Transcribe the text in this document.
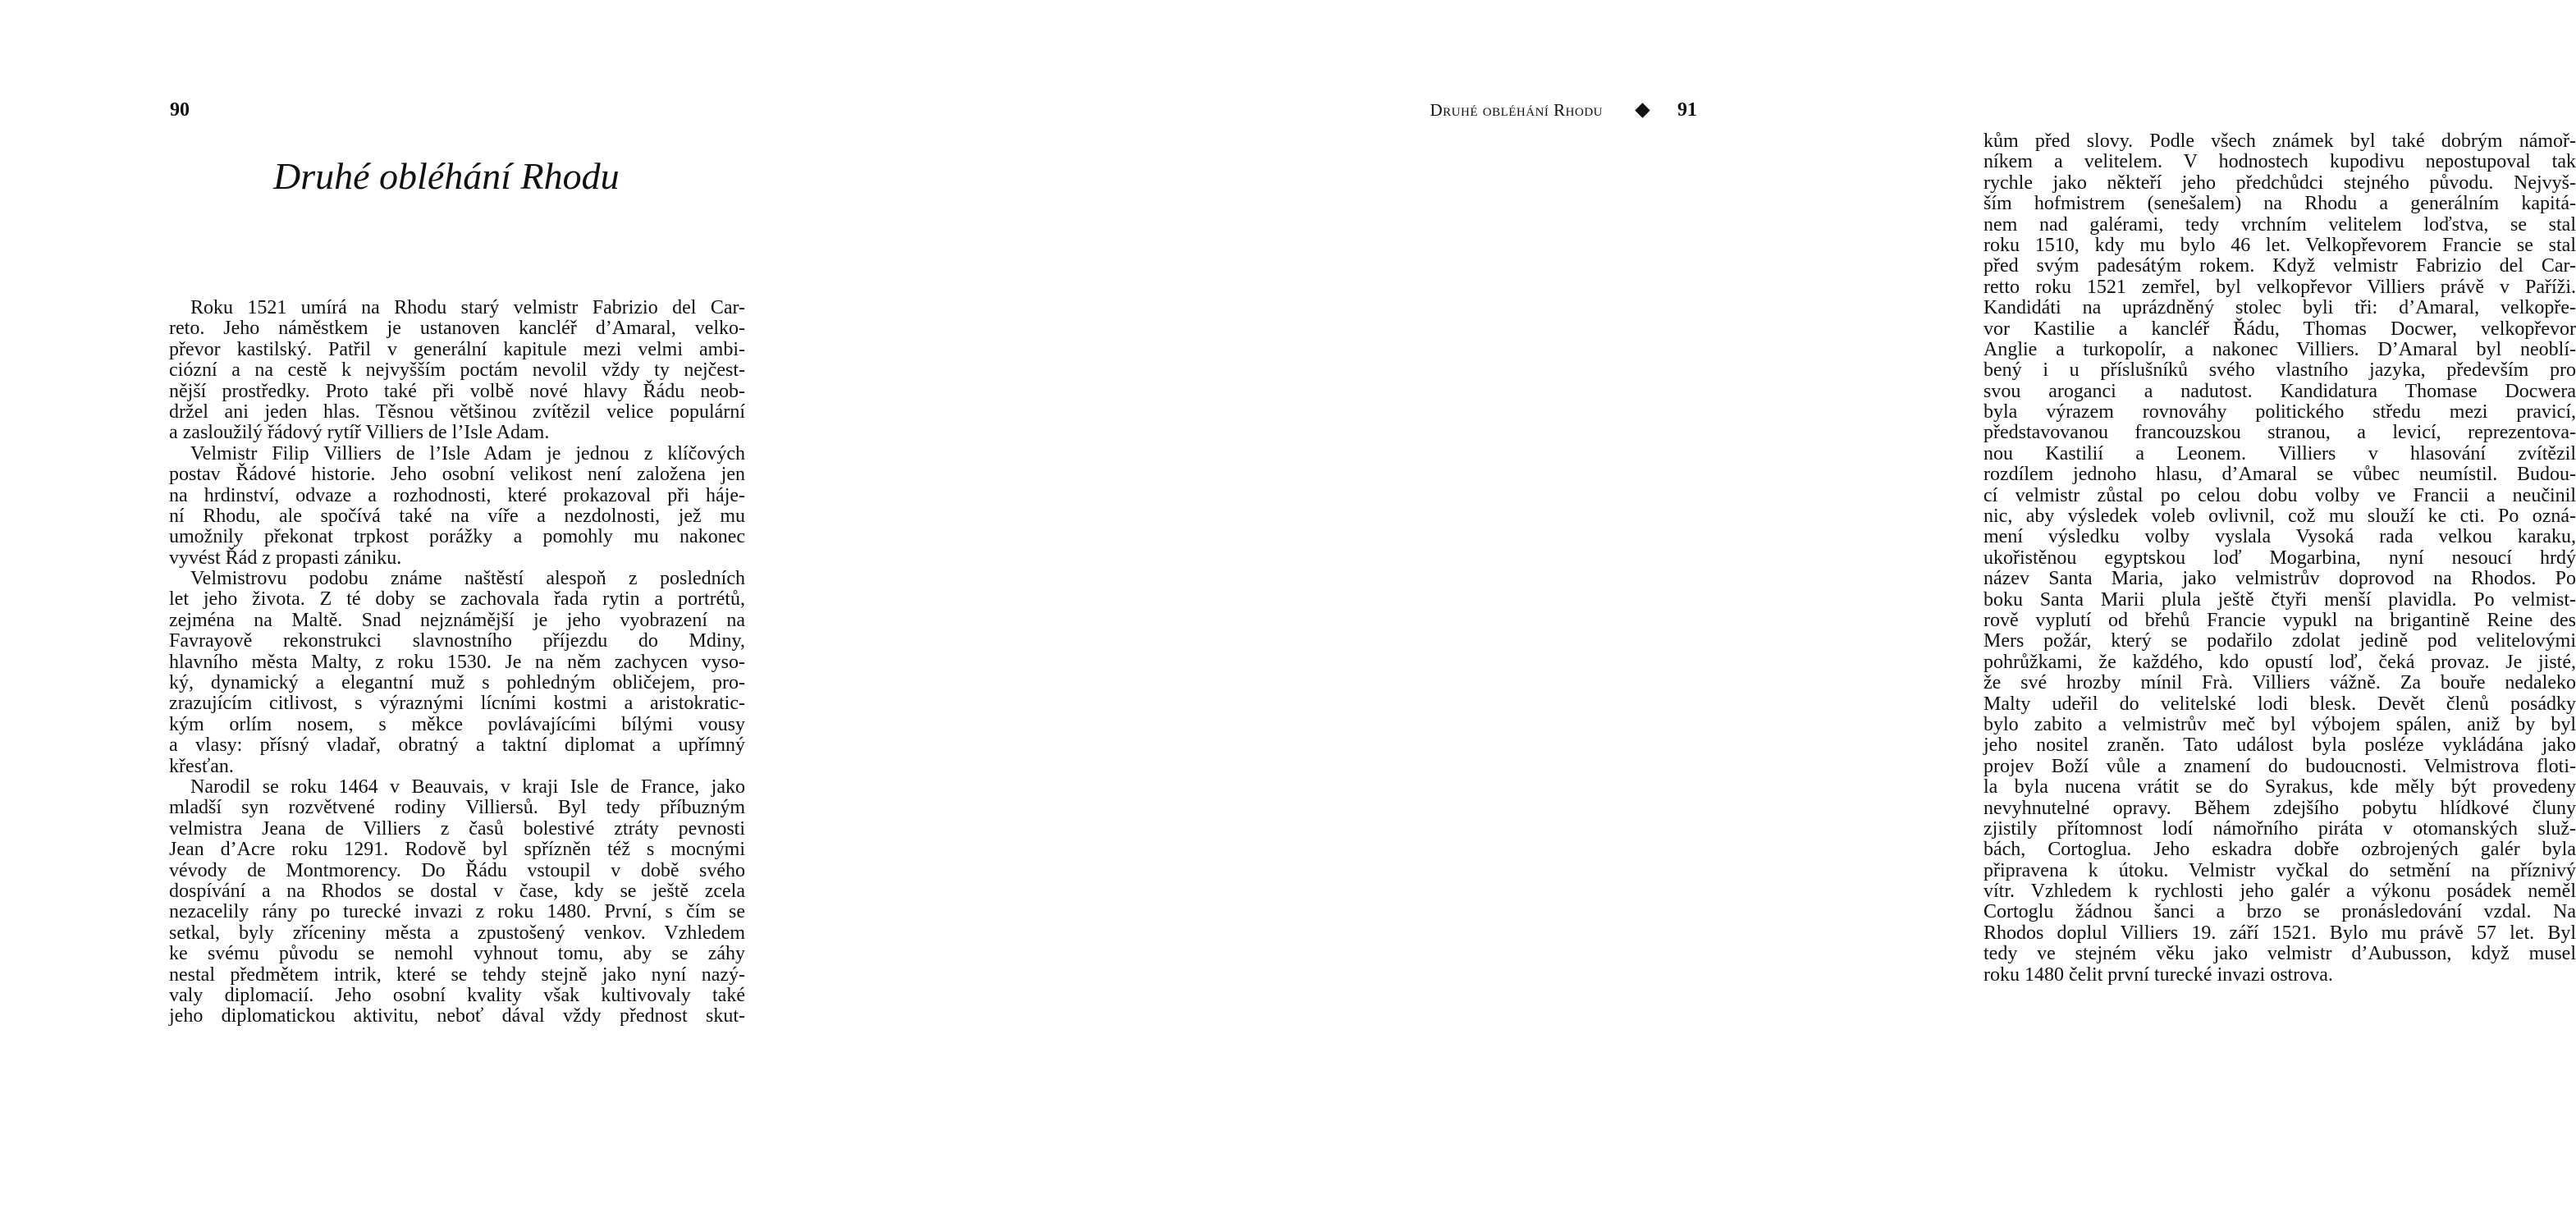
90
Druhé obléhání Rhodu
Roku 1521 umírá na Rhodu starý velmistr Fabrizio del Car-
reto. Jeho náměstkem je ustanoven kancléř d’Amaral, velko-
převor kastilský. Patřil v generální kapitule mezi velmi ambi-
ciózní a na cestě k nejvyšším poctám nevolil vždy ty nejčest-
nější prostředky. Proto také při volbě nové hlavy Řádu neob-
držel ani jeden hlas. Těsnou většinou zvítězil velice populární
a zasloužilý řádový rytíř Villiers de l’Isle Adam.
Velmistr Filip Villiers de l’Isle Adam je jednou z klíčových
postav Řádové historie. Jeho osobní velikost není založena jen
na hrdinství, odvaze a rozhodnosti, které prokazoval při háje-
ní Rhodu, ale spočívá také na víře a nezdolnosti, jež mu
umožnily překonat trpkost porážky a pomohly mu nakonec
vyvést Řád z propasti zániku.
Velmistrovu podobu známe naštěstí alespoň z posledních
let jeho života. Z té doby se zachovala řada rytin a portrétů,
zejména na Maltě. Snad nejznámější je jeho vyobrazení na
Favrayově rekonstrukci slavnostního příjezdu do Mdiny,
hlavního města Malty, z roku 1530. Je na něm zachycen vyso-
ký, dynamický a elegantní muž s pohledným obličejem, pro-
zrazujícím citlivost, s výraznými lícními kostmi a aristokratic-
kým orlím nosem, s měkce povlávajícími bílými vousy
a vlasy: přísný vladař, obratný a taktní diplomat a upřímný
křesťan.
Narodil se roku 1464 v Beauvais, v kraji Isle de France, jako
mladší syn rozvětvené rodiny Villiersů. Byl tedy příbuzným
velmistra Jeana de Villiers z časů bolestivé ztráty pevnosti
Jean d’Acre roku 1291. Rodově byl spřízněn též s mocnými
vévody de Montmorency. Do Řádu vstoupil v době svého
dospívání a na Rhodos se dostal v čase, kdy se ještě zcela
nezacelily rány po turecké invazi z roku 1480. První, s čím se
setkal, byly zříceniny města a zpustošený venkov. Vzhledem
ke svému původu se nemohl vyhnout tomu, aby se záhy
nestal předmětem intrik, které se tehdy stejně jako nyní nazý-
valy diplomacií. Jeho osobní kvality však kultivovaly také
jeho diplomatickou aktivitu, neboť dával vždy přednost skut-
Druhé obléhání Rhodu	91
kům před slovy. Podle všech známek byl také dobrým námoř-
níkem a velitelem. V hodnostech kupodivu nepostupoval tak
rychle jako někteří jeho předchůdci stejného původu. Nejvyš-
ším hofmistrem (senešalem) na Rhodu a generálním kapitá-
nem nad galérami, tedy vrchním velitelem loďstva, se stal
roku 1510, kdy mu bylo 46 let. Velkopřevorem Francie se stal
před svým padesátým rokem. Když velmistr Fabrizio del Car-
retto roku 1521 zemřel, byl velkopřevor Villiers právě v Paříži.
Kandidáti na uprázdněný stolec byli tři: d’Amaral, velkopře-
vor Kastilie a kancléř Řádu, Thomas Docwer, velkopřevor
Anglie a turkopolír, a nakonec Villiers. D’Amaral byl neoblí-
bený i u příslušníků svého vlastního jazyka, především pro
svou aroganci a nadutost. Kandidatura Thomase Docwera
byla výrazem rovnováhy politického středu mezi pravicí,
představovanou francouzskou stranou, a levicí, reprezentova-
nou Kastilií a Leonem. Villiers v hlasování zvítězil
rozdílem jednoho hlasu, d’Amaral se vůbec neumístil. Budou-
cí velmistr zůstal po celou dobu volby ve Francii a neučinil
nic, aby výsledek voleb ovlivnil, což mu slouží ke cti. Po ozná-
mení výsledku volby vyslala Vysoká rada velkou karaku,
ukořistěnou egyptskou loď Mogarbina, nyní nesoucí hrdý
název Santa Maria, jako velmistrův doprovod na Rhodos. Po
boku Santa Marii plula ještě čtyři menší plavidla. Po velmist-
rově vyplutí od břehů Francie vypukl na brigantině Reine des
Mers požár, který se podařilo zdolat jedině pod velitelovými
pohrůžkami, že každého, kdo opustí loď, čeká provaz. Je jisté,
že své hrozby mínil Frà. Villiers vážně. Za bouře nedaleko
Malty udeřil do velitelské lodi blesk. Devět členů posádky
bylo zabito a velmistrův meč byl výbojem spálen, aniž by byl
jeho nositel zraněn. Tato událost byla posléze vykládána jako
projev Boží vůle a znamení do budoucnosti. Velmistrova floti-
la byla nucena vrátit se do Syrakus, kde měly být provedeny
nevyhnutelné opravy. Během zdejšího pobytu hlídkové čluny
zjistily přítomnost lodí námořního piráta v otomanských služ-
bách, Cortoglua. Jeho eskadra dobře ozbrojených galér byla
připravena k útoku. Velmistr vyčkal do setmění na příznivý
vítr. Vzhledem k rychlosti jeho galér a výkonu posádek neměl
Cortoglu žádnou šanci a brzo se pronásledování vzdal. Na
Rhodos doplul Villiers 19. září 1521. Bylo mu právě 57 let. Byl
tedy ve stejném věku jako velmistr d’Aubusson, když musel
roku 1480 čelit první turecké invazi ostrova.
